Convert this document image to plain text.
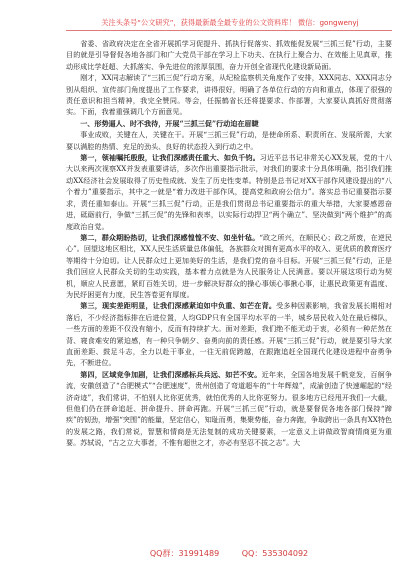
关注头条号“公文研究”，获得最新最全最专业的公文资料库！ 微信：gongwenyj

省委、省政府决定在全省开展抓学习促提升、抓执行促落实、抓效能促发展“三抓三促”行动，主要目的就是引导督促各地各部门和广大党员干部在学习上下功夫、在执行上聚合力、在效能上见真章，推动形成比学赶超、大抓落实、争先进位的浓厚氛围，奋力开创全省现代化建设新局面。

刚才，XX同志解读了“三抓三促”行动方案，从纪检监察机关角度作了安排，XXX同志、XXX同志分别从组织、宣传部门角度提出了工作要求，讲得很好，明确了各单位行动的方向和重点，体现了很强的责任意识和担当精神，我完全赞同。等会，任振鹤省长还将提要求、作部署，大家要认真抓好贯彻落实。下面，我着重强调几个方面意见。

一、形势逼人、时不我待，开展“三抓三促”行动迫在眉睫

事业成败，关键在人，关键在干。开展“三抓三促”行动，是使命所系、职责所在、发展所需，大家要以满腔的热情、充足的劲头、良好的状态投入到行动之中。

第一，领袖嘱托殷殷，让我们深感责任重大、如负千钧。习近平总书记非常关心XX发展，党的十八大以来两次视察XX并发表重要讲话，多次作出重要指示批示，对我们的要求十分具体明确，指引我们推动XX经济社会发展取得了历史性成就、发生了历史性变革。特别是总书记对XX干部作风建设提出的“八个着力”重要指示，其中之一就是“着力改进干部作风，提高党和政府公信力”。落实总书记重要指示要求，责任重如泰山。开展“三抓三促”行动，正是我们贯彻总书记重要指示的重大举措，大家要感恩奋进，砥砺前行，争做“三抓三促”的先锋和表率，以实际行动捍卫“两个确立”、坚决做到“两个维护”的高度政治自觉。

第二，群众期盼热切，让我们深感惶惶不安、如坐针毡。“政之所兴，在顺民心；政之所废，在逆民心”。回望这地区相比，XX人民生活质量总体偏低，各族群众对拥有更高水平的收入、更优质的教育医疗等期待十分迫切。让人民群众过上更加美好的生活，是我们党的奋斗目标。开展“三抓三促”行动，正是我们回应人民群众关切的生动实践，基本着力点就是为人民服务让人民满意。要以开展这项行动为契机，顺应人民意愿，紧盯百姓关切，进一步解决好群众的操心事烦心事揪心事，让惠民政策更有温度、为民纾困更有力度，民生答卷更有厚度。

第三，现实差距明显，让我们深感紧迫如中负重、如芒在背。受多种因素影响，我省发展长期相对落后，不少经济指标排在后进位置，人均GDP只有全国平均水平的一半，城乡居民收入处在最后梯队，一些方面的差距不仅没有缩小，反而有持续扩大。面对差距，我们绝不能无动于衷，必须有一种茫然在背、寝食难安的紧迫感，有一种只争朝夕、奋勇向前的责任感。开展“三抓三促”行动，就是要引导大家直面差距、鼓足斗志，全力以赴干事业，一往无前促跨越，在跟跑追赶全国现代化建设进程中奋勇争先，不断进位。

第四，区域竞争加剧，让我们深感标兵兵远、如芒不安。近年来，全国各地发展千帆竞发，百舸争流，安徽创造了“合肥模式”“合肥速度”，贵州创造了弯道超车的“十年辉煌”，成渝创造了快速崛起的“经济奇迹”，我们常讲，不怕别人比你更优秀，就怕优秀的人比你更努力。很多地方已经甩开我们一大截，但他们仍在拼命追赶、拼命提升、拼命再跑。开展“三抓三促”行动，就是要督促各地各部门保持“蹄疾”的韧劲，增强“突围”的能量，坚定信心，知耻而勇，集聚势能，奋力奔跑，争取跨出一条具有XX特色的发展之路，我们常说，智慧和情商是无法复制的成功关键要素，一定意义上讲做政智商情商更为重要。苏轼说，“古之立大事者，不惟有超世之才，亦必有坚忍不拔之志”。大

QQ群：31991489	QQ：535304092
